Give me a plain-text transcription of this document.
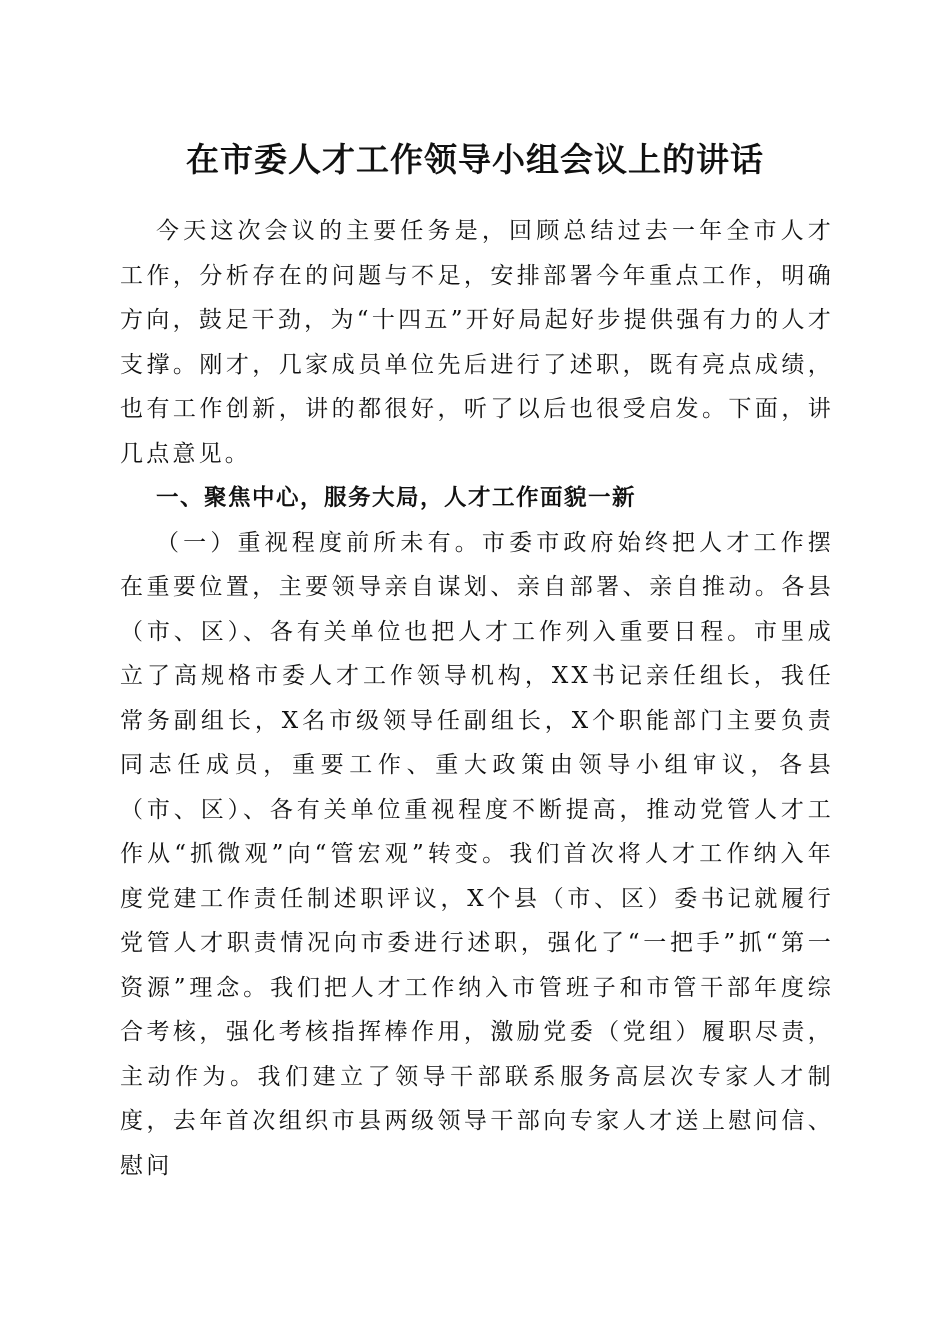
在市委人才工作领导小组会议上的讲话

今天这次会议的主要任务是，回顾总结过去一年全市人才工作，分析存在的问题与不足，安排部署今年重点工作，明确方向，鼓足干劲，为“十四五”开好局起好步提供强有力的人才支撑。刚才，几家成员单位先后进行了述职，既有亮点成绩，也有工作创新，讲的都很好，听了以后也很受启发。下面，讲几点意见。

一、聚焦中心，服务大局，人才工作面貌一新

（一）重视程度前所未有。市委市政府始终把人才工作摆在重要位置，主要领导亲自谋划、亲自部署、亲自推动。各县（市、区）、各有关单位也把人才工作列入重要日程。市里成立了高规格市委人才工作领导机构，XX书记亲任组长，我任常务副组长，X名市级领导任副组长，X个职能部门主要负责同志任成员，重要工作、重大政策由领导小组审议，各县（市、区）、各有关单位重视程度不断提高，推动党管人才工作从“抓微观”向“管宏观”转变。我们首次将人才工作纳入年度党建工作责任制述职评议，X个县（市、区）委书记就履行党管人才职责情况向市委进行述职，强化了“一把手”抓“第一资源”理念。我们把人才工作纳入市管班子和市管干部年度综合考核，强化考核指挥棒作用，激励党委（党组）履职尽责，主动作为。我们建立了领导干部联系服务高层次专家人才制度，去年首次组织市县两级领导干部向专家人才送上慰问信、慰问
